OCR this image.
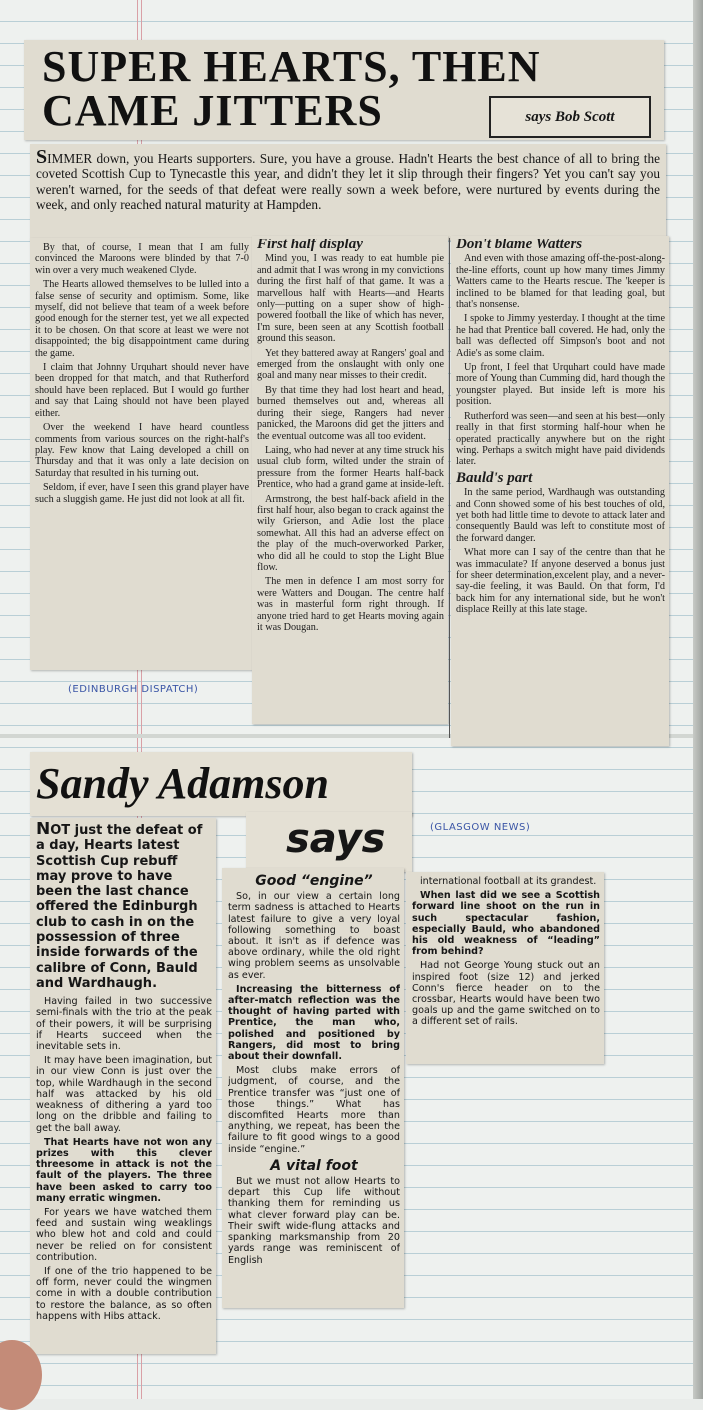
SUPER HEARTS, THEN
CAME JITTERS	says Bob Scott
SIMMER down, you Hearts supporters. Sure, you have a grouse. Hadn't Hearts the best chance of all to bring the coveted Scottish Cup to Tynecastle this year, and didn't they let it slip through their fingers? Yet you can't say you weren't warned, for the seeds of that defeat were really sown a week before, were nurtured by events during the week, and only reached natural maturity at Hampden.

By that, of course, I mean that I am fully convinced the Maroons were blinded by that 7-0 win over a very much weakened Clyde.

The Hearts allowed themselves to be lulled into a false sense of security and optimism. Some, like myself, did not believe that team of a week before good enough for the sterner test, yet we all expected it to be chosen. On that score at least we were not disappointed; the big disappointment came during the game.

I claim that Johnny Urquhart should never have been dropped for that match, and that Rutherford should have been replaced. But I would go further and say that Laing should not have been played either.

Over the weekend I have heard countless comments from various sources on the right-half's play. Few know that Laing developed a chill on Thursday and that it was only a late decision on Saturday that resulted in his turning out.

Seldom, if ever, have I seen this grand player have such a sluggish game. He just did not look at all fit.

First half display

Mind you, I was ready to eat humble pie and admit that I was wrong in my convictions during the first half of that game. It was a marvellous half with Hearts—and Hearts only—putting on a super show of high-powered football the like of which has never, I'm sure, been seen at any Scottish football ground this season.

Yet they battered away at Rangers' goal and emerged from the onslaught with only one goal and many near misses to their credit.

By that time they had lost heart and head, burned themselves out and, whereas all during their siege, Rangers had never panicked, the Maroons did get the jitters and the eventual outcome was all too evident.

Laing, who had never at any time struck his usual club form, wilted under the strain of pressure from the former Hearts half-back Prentice, who had a grand game at inside-left.

Armstrong, the best half-back afield in the first half hour, also began to crack against the wily Grierson, and Adie lost the place somewhat. All this had an adverse effect on the play of the much-overworked Parker, who did all he could to stop the Light Blue flow.

The men in defence I am most sorry for were Watters and Dougan. The centre half was in masterful form right through. If anyone tried hard to get Hearts moving again it was Dougan.

Don't blame Watters

And even with those amazing off-the-post-along-the-line efforts, count up how many times Jimmy Watters came to the Hearts rescue. The 'keeper is inclined to be blamed for that leading goal, but that's nonsense.

I spoke to Jimmy yesterday. I thought at the time he had that Prentice ball covered. He had, only the ball was deflected off Simpson's boot and not Adie's as some claim.

Up front, I feel that Urquhart could have made more of Young than Cumming did, hard though the youngster played. But inside left is more his position.

Rutherford was seen—and seen at his best—only really in that first storming half-hour when he operated practically anywhere but on the right wing. Perhaps a switch might have paid dividends later.

Bauld's part

In the same period, Wardhaugh was outstanding and Conn showed some of his best touches of old, yet both had little time to devote to attack later and consequently Bauld was left to constitute most of the forward danger.

What more can I say of the centre than that he was immaculate? If anyone deserved a bonus just for sheer determination,excelent play, and a never-say-die feeling, it was Bauld. On that form, I'd back him for any international side, but he won't displace Reilly at this late stage.

(EDINBURGH DISPATCH)
Sandy Adamson
says	(GLASGOW NEWS)
NOT just the defeat of a day, Hearts latest Scottish Cup rebuff may prove to have been the last chance offered the Edinburgh club to cash in on the possession of three inside forwards of the calibre of Conn, Bauld and Wardhaugh.

Having failed in two successive semi-finals with the trio at the peak of their powers, it will be surprising if Hearts succeed when the inevitable sets in.

It may have been imagination, but in our view Conn is just over the top, while Wardhaugh in the second half was attacked by his old weakness of dithering a yard too long on the dribble and failing to get the ball away.

That Hearts have not won any prizes with this clever threesome in attack is not the fault of the players. The three have been asked to carry too many erratic wingmen.

For years we have watched them feed and sustain wing weaklings who blew hot and cold and could never be relied on for consistent contribution.

If one of the trio happened to be off form, never could the wingmen come in with a double contribution to restore the balance, as so often happens with Hibs attack.

Good “engine”

So, in our view a certain long term sadness is attached to Hearts latest failure to give a very loyal following something to boast about. It isn't as if defence was above ordinary, while the old right wing problem seems as unsolvable as ever.

Increasing the bitterness of after-match reflection was the thought of having parted with Prentice, the man who, polished and positioned by Rangers, did most to bring about their downfall.

Most clubs make errors of judgment, of course, and the Prentice transfer was “just one of those things.” What has discomfited Hearts more than anything, we repeat, has been the failure to fit good wings to a good inside “engine.”

A vital foot

But we must not allow Hearts to depart this Cup life without thanking them for reminding us what clever forward play can be. Their swift wide-flung attacks and spanking marksmanship from 20 yards range was reminiscent of English

international football at its grandest.

When last did we see a Scottish forward line shoot on the run in such spectacular fashion, especially Bauld, who abandoned his old weakness of “leading” from behind?

Had not George Young stuck out an inspired foot (size 12) and jerked Conn's fierce header on to the crossbar, Hearts would have been two goals up and the game switched on to a different set of rails.
